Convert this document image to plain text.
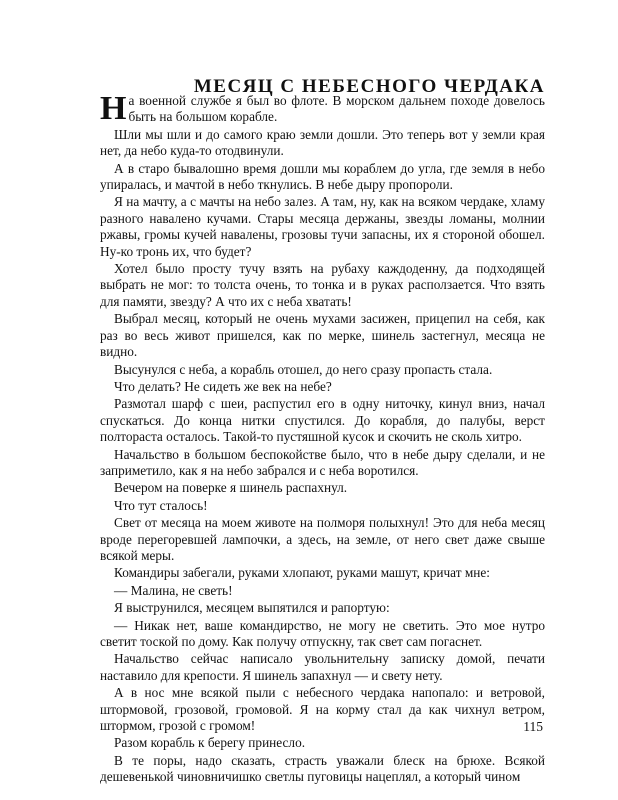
МЕСЯЦ С НЕБЕСНОГО ЧЕРДАКА

На военной службе я был во флоте. В морском дальнем походе довелось быть на большом корабле.

Шли мы шли и до самого краю земли дошли. Это теперь вот у земли края нет, да небо куда-то отодвинули.

А в старо бывалошно время дошли мы кораблем до угла, где земля в небо упиралась, и мачтой в небо ткнулись. В небе дыру пропороли.

Я на мачту, а с мачты на небо залез. А там, ну, как на всяком чердаке, хламу разного навалено кучами. Стары месяца держаны, звезды ломаны, молнии ржавы, громы кучей навалены, грозовы тучи запасны, их я стороной обошел. Ну-ко тронь их, что будет?

Хотел было просту тучу взять на рубаху каждоденну, да подходящей выбрать не мог: то толста очень, то тонка и в руках расползается. Что взять для памяти, звезду? А что их с неба хватать!

Выбрал месяц, который не очень мухами засижен, прицепил на себя, как раз во весь живот пришелся, как по мерке, шинель застегнул, месяца не видно.

Высунулся с неба, а корабль отошел, до него сразу пропасть стала.

Что делать? Не сидеть же век на небе?

Размотал шарф с шеи, распустил его в одну ниточку, кинул вниз, начал спускаться. До конца нитки спустился. До корабля, до палубы, верст полтораста осталось. Такой-то пустяшной кусок и скочить не сколь хитро.

Начальство в большом беспокойстве было, что в небе дыру сделали, и не заприметило, как я на небо забрался и с неба воротился.

Вечером на поверке я шинель распахнул.

Что тут сталось!

Свет от месяца на моем животе на полморя полыхнул! Это для неба месяц вроде перегоревшей лампочки, а здесь, на земле, от него свет даже свыше всякой меры.

Командиры забегали, руками хлопают, руками машут, кричат мне:

— Малина, не светь!

Я выструнился, месяцем выпятился и рапортую:

— Никак нет, ваше командирство, не могу не светить. Это мое нутро светит тоской по дому. Как получу отпускну, так свет сам погаснет.

Начальство сейчас написало увольнительну записку домой, печати наставило для крепости. Я шинель запахнул — и свету нету.

А в нос мне всякой пыли с небесного чердака напопало: и ветровой, штормовой, грозовой, громовой. Я на корму стал да как чихнул ветром, штормом, грозой с громом!

Разом корабль к берегу принесло.

В те поры, надо сказать, страсть уважали блеск на брюхе. Всякой дешевенькой чиновничишко светлы пуговицы нацеплял, а который чином

115
